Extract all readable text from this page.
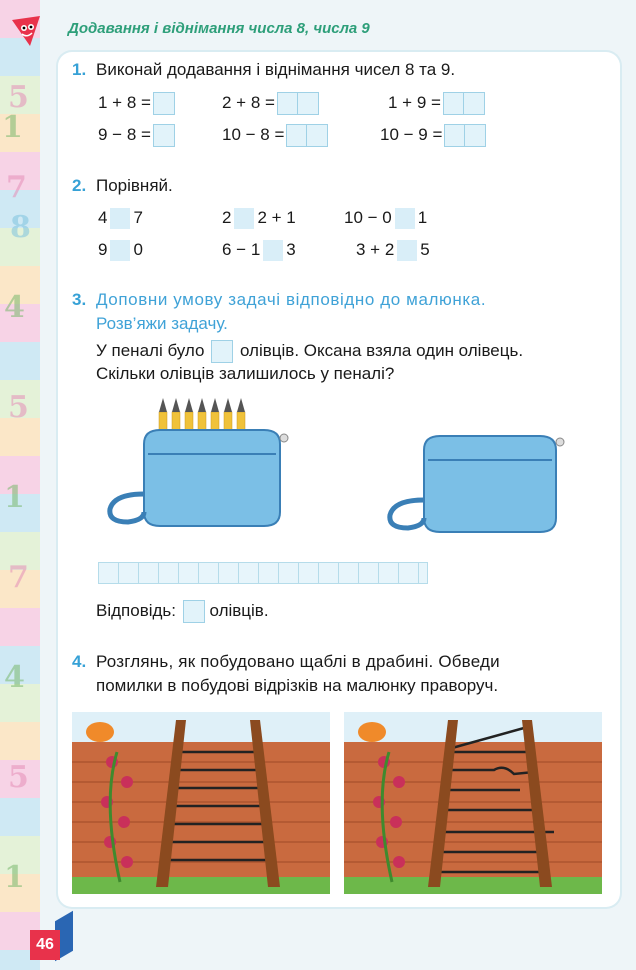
5
1
7
8
4
5
1
7
4
5
1
Додавання і віднімання числа 8, числа 9
1. Виконай додавання і віднімання чисел 8 та 9.
1 + 8 =	2 + 8 =	1 + 9 =
9 − 8 =	10 − 8 =	10 − 9 =
2. Порівняй.
4 7	2 2 + 1	10 − 0 1
9 0	6 − 1 3	3 + 2 5
3. Доповни умову задачі відповідно до малюнка.
Розв’яжи задачу.
У пеналі було олівців. Оксана взяла один олівець.
Скільки олівців залишилось у пеналі?
Відповідь: олівців.
4. Розглянь, як побудовано щаблі в драбині. Обведи
помилки в побудові відрізків на малюнку праворуч.
46
